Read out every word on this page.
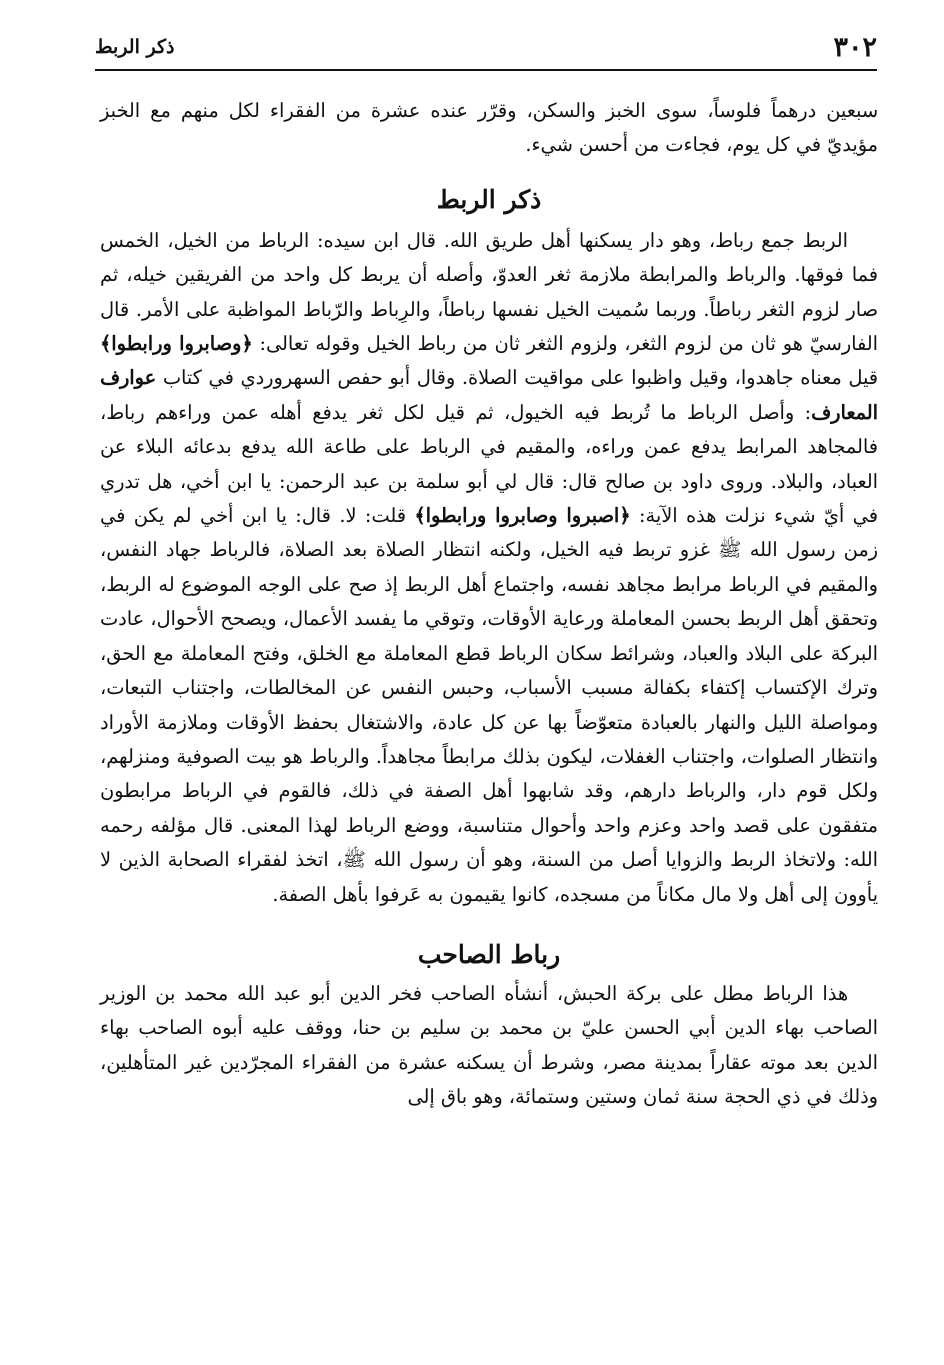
٣٠٢
ذكر الربط

سبعين درهماً فلوساً، سوى الخبز والسكن، وقرّر عنده عشرة من الفقراء لكل منهم مع الخبز مؤيديّ في كل يوم، فجاءت من أحسن شيء.

ذكر الربط

الربط جمع رباط، وهو دار يسكنها أهل طريق الله. قال ابن سيده: الرباط من الخيل، الخمس فما فوقها. والرباط والمرابطة ملازمة ثغر العدوّ، وأصله أن يربط كل واحد من الفريقين خيله، ثم صار لزوم الثغر رباطاً. وربما سُميت الخيل نفسها رباطاً، والرِباط والرّباط المواظبة على الأمر. قال الفارسيّ هو ثان من لزوم الثغر، ولزوم الثغر ثان من رباط الخيل وقوله تعالى: ﴿وصابروا ورابطوا﴾ قيل معناه جاهدوا، وقيل واظبوا على مواقيت الصلاة. وقال أبو حفص السهروردي في كتاب عوارف المعارف: وأصل الرباط ما تُربط فيه الخيول، ثم قيل لكل ثغر يدفع أهله عمن وراءهم رباط، فالمجاهد المرابط يدفع عمن وراءه، والمقيم في الرباط على طاعة الله يدفع بدعائه البلاء عن العباد، والبلاد. وروى داود بن صالح قال: قال لي أبو سلمة بن عبد الرحمن: يا ابن أخي، هل تدري في أيّ شيء نزلت هذه الآية: ﴿اصبروا وصابروا ورابطوا﴾ قلت: لا. قال: يا ابن أخي لم يكن في زمن رسول الله ﷺ غزو تربط فيه الخيل، ولكنه انتظار الصلاة بعد الصلاة، فالرباط جهاد النفس، والمقيم في الرباط مرابط مجاهد نفسه، واجتماع أهل الربط إذ صح على الوجه الموضوع له الربط، وتحقق أهل الربط بحسن المعاملة ورعاية الأوقات، وتوقي ما يفسد الأعمال، ويصحح الأحوال، عادت البركة على البلاد والعباد، وشرائط سكان الرباط قطع المعاملة مع الخلق، وفتح المعاملة مع الحق، وترك الإكتساب إكتفاء بكفالة مسبب الأسباب، وحبس النفس عن المخالطات، واجتناب التبعات، ومواصلة الليل والنهار بالعبادة متعوّضاً بها عن كل عادة، والاشتغال بحفظ الأوقات وملازمة الأوراد وانتظار الصلوات، واجتناب الغفلات، ليكون بذلك مرابطاً مجاهداً. والرباط هو بيت الصوفية ومنزلهم، ولكل قوم دار، والرباط دارهم، وقد شابهوا أهل الصفة في ذلك، فالقوم في الرباط مرابطون متفقون على قصد واحد وعزم واحد وأحوال متناسبة، ووضع الرباط لهذا المعنى. قال مؤلفه رحمه الله: ولاتخاذ الربط والزوايا أصل من السنة، وهو أن رسول الله ﷺ، اتخذ لفقراء الصحابة الذين لا يأوون إلى أهل ولا مال مكاناً من مسجده، كانوا يقيمون به عَرفوا بأهل الصفة.

رباط الصاحب

هذا الرباط مطل على بركة الحبش، أنشأه الصاحب فخر الدين أبو عبد الله محمد بن الوزير الصاحب بهاء الدين أبي الحسن عليّ بن محمد بن سليم بن حنا، ووقف عليه أبوه الصاحب بهاء الدين بعد موته عقاراً بمدينة مصر، وشرط أن يسكنه عشرة من الفقراء المجرّدين غير المتأهلين، وذلك في ذي الحجة سنة ثمان وستين وستمائة، وهو باق إلى
